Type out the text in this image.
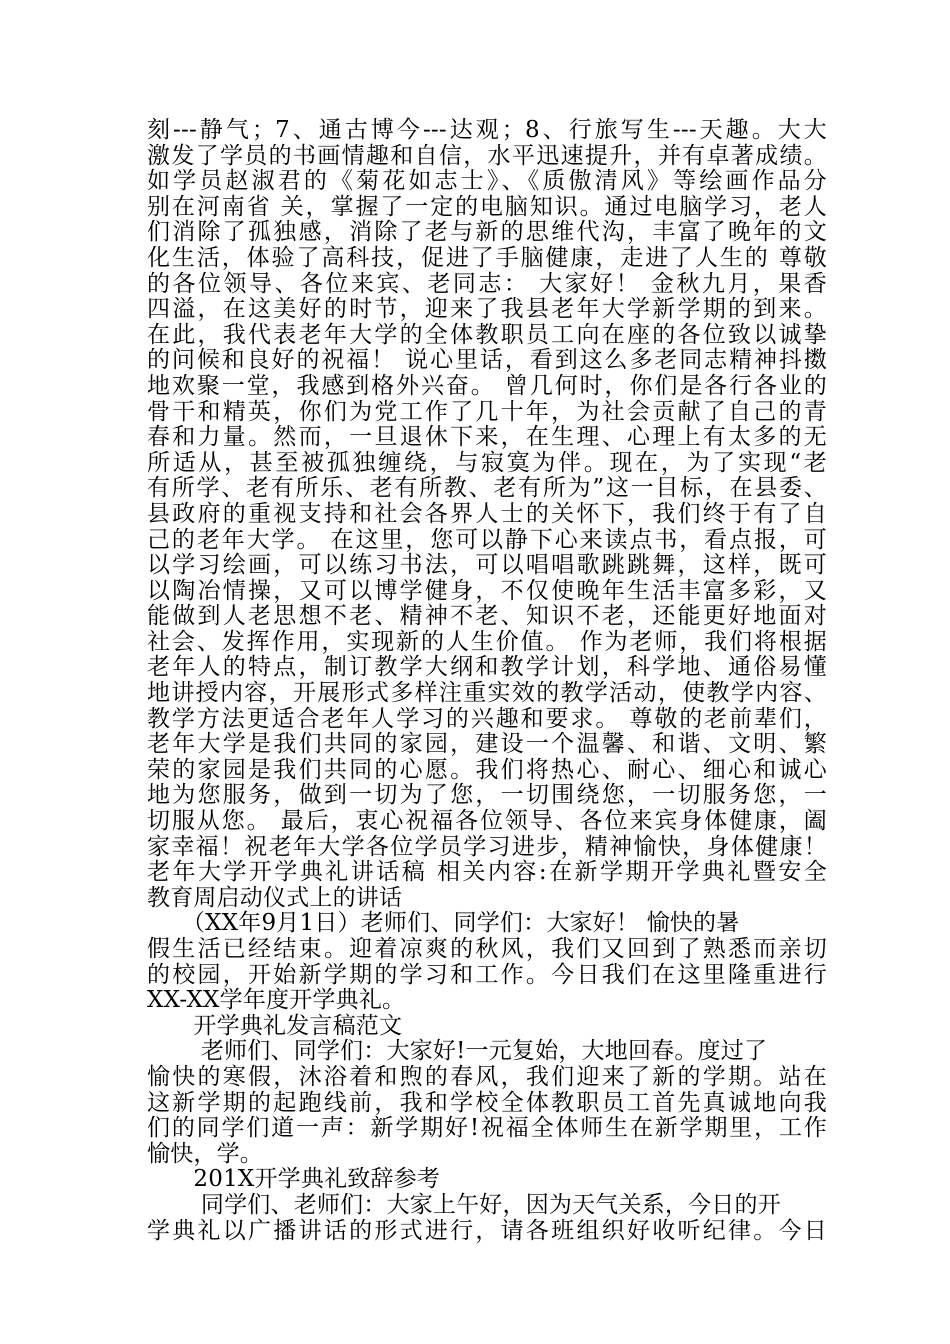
刻---静气；7、通古博今---达观；8、行旅写生---天趣。大大
激发了学员的书画情趣和自信，水平迅速提升，并有卓著成绩。
如学员赵淑君的《菊花如志士》、《质傲清风》等绘画作品分
别在河南省 关，掌握了一定的电脑知识。通过电脑学习，老人
们消除了孤独感，消除了老与新的思维代沟，丰富了晚年的文
化生活，体验了高科技，促进了手脑健康，走进了人生的 尊敬
的各位领导、各位来宾、老同志： 大家好！ 金秋九月，果香
四溢，在这美好的时节，迎来了我县老年大学新学期的到来。
在此，我代表老年大学的全体教职员工向在座的各位致以诚挚
的问候和良好的祝福！ 说心里话，看到这么多老同志精神抖擞
地欢聚一堂，我感到格外兴奋。 曾几何时，你们是各行各业的
骨干和精英，你们为党工作了几十年，为社会贡献了自己的青
春和力量。然而，一旦退休下来，在生理、心理上有太多的无
所适从，甚至被孤独缠绕，与寂寞为伴。现在，为了实现“老
有所学、老有所乐、老有所教、老有所为”这一目标，在县委、
县政府的重视支持和社会各界人士的关怀下，我们终于有了自
己的老年大学。 在这里，您可以静下心来读点书，看点报，可
以学习绘画，可以练习书法，可以唱唱歌跳跳舞，这样，既可
以陶冶情操，又可以博学健身，不仅使晚年生活丰富多彩，又
能做到人老思想不老、精神不老、知识不老，还能更好地面对
社会、发挥作用，实现新的人生价值。 作为老师，我们将根据
老年人的特点，制订教学大纲和教学计划，科学地、通俗易懂
地讲授内容，开展形式多样注重实效的教学活动，使教学内容、
教学方法更适合老年人学习的兴趣和要求。 尊敬的老前辈们，
老年大学是我们共同的家园，建设一个温馨、和谐、文明、繁
荣的家园是我们共同的心愿。我们将热心、耐心、细心和诚心
地为您服务，做到一切为了您，一切围绕您，一切服务您，一
切服从您。 最后，衷心祝福各位领导、各位来宾身体健康，阖
家幸福！祝老年大学各位学员学习进步，精神愉快，身体健康！
老年大学开学典礼讲话稿 相关内容:在新学期开学典礼暨安全
教育周启动仪式上的讲话
　　（XX年9月1日）老师们、同学们：大家好！ 愉快的暑
假生活已经结束。迎着凉爽的秋风，我们又回到了熟悉而亲切
的校园，开始新学期的学习和工作。今日我们在这里隆重进行
XX-XX学年度开学典礼。
　　开学典礼发言稿范文
　　 老师们、同学们：大家好!一元复始，大地回春。度过了
愉快的寒假，沐浴着和煦的春风，我们迎来了新的学期。站在
这新学期的起跑线前，我和学校全体教职员工首先真诚地向我
们的同学们道一声：新学期好!祝福全体师生在新学期里，工作
愉快，学。
　　201X开学典礼致辞参考
　　 同学们、老师们：大家上午好，因为天气关系，今日的开
学典礼以广播讲话的形式进行，请各班组织好收听纪律。今日
